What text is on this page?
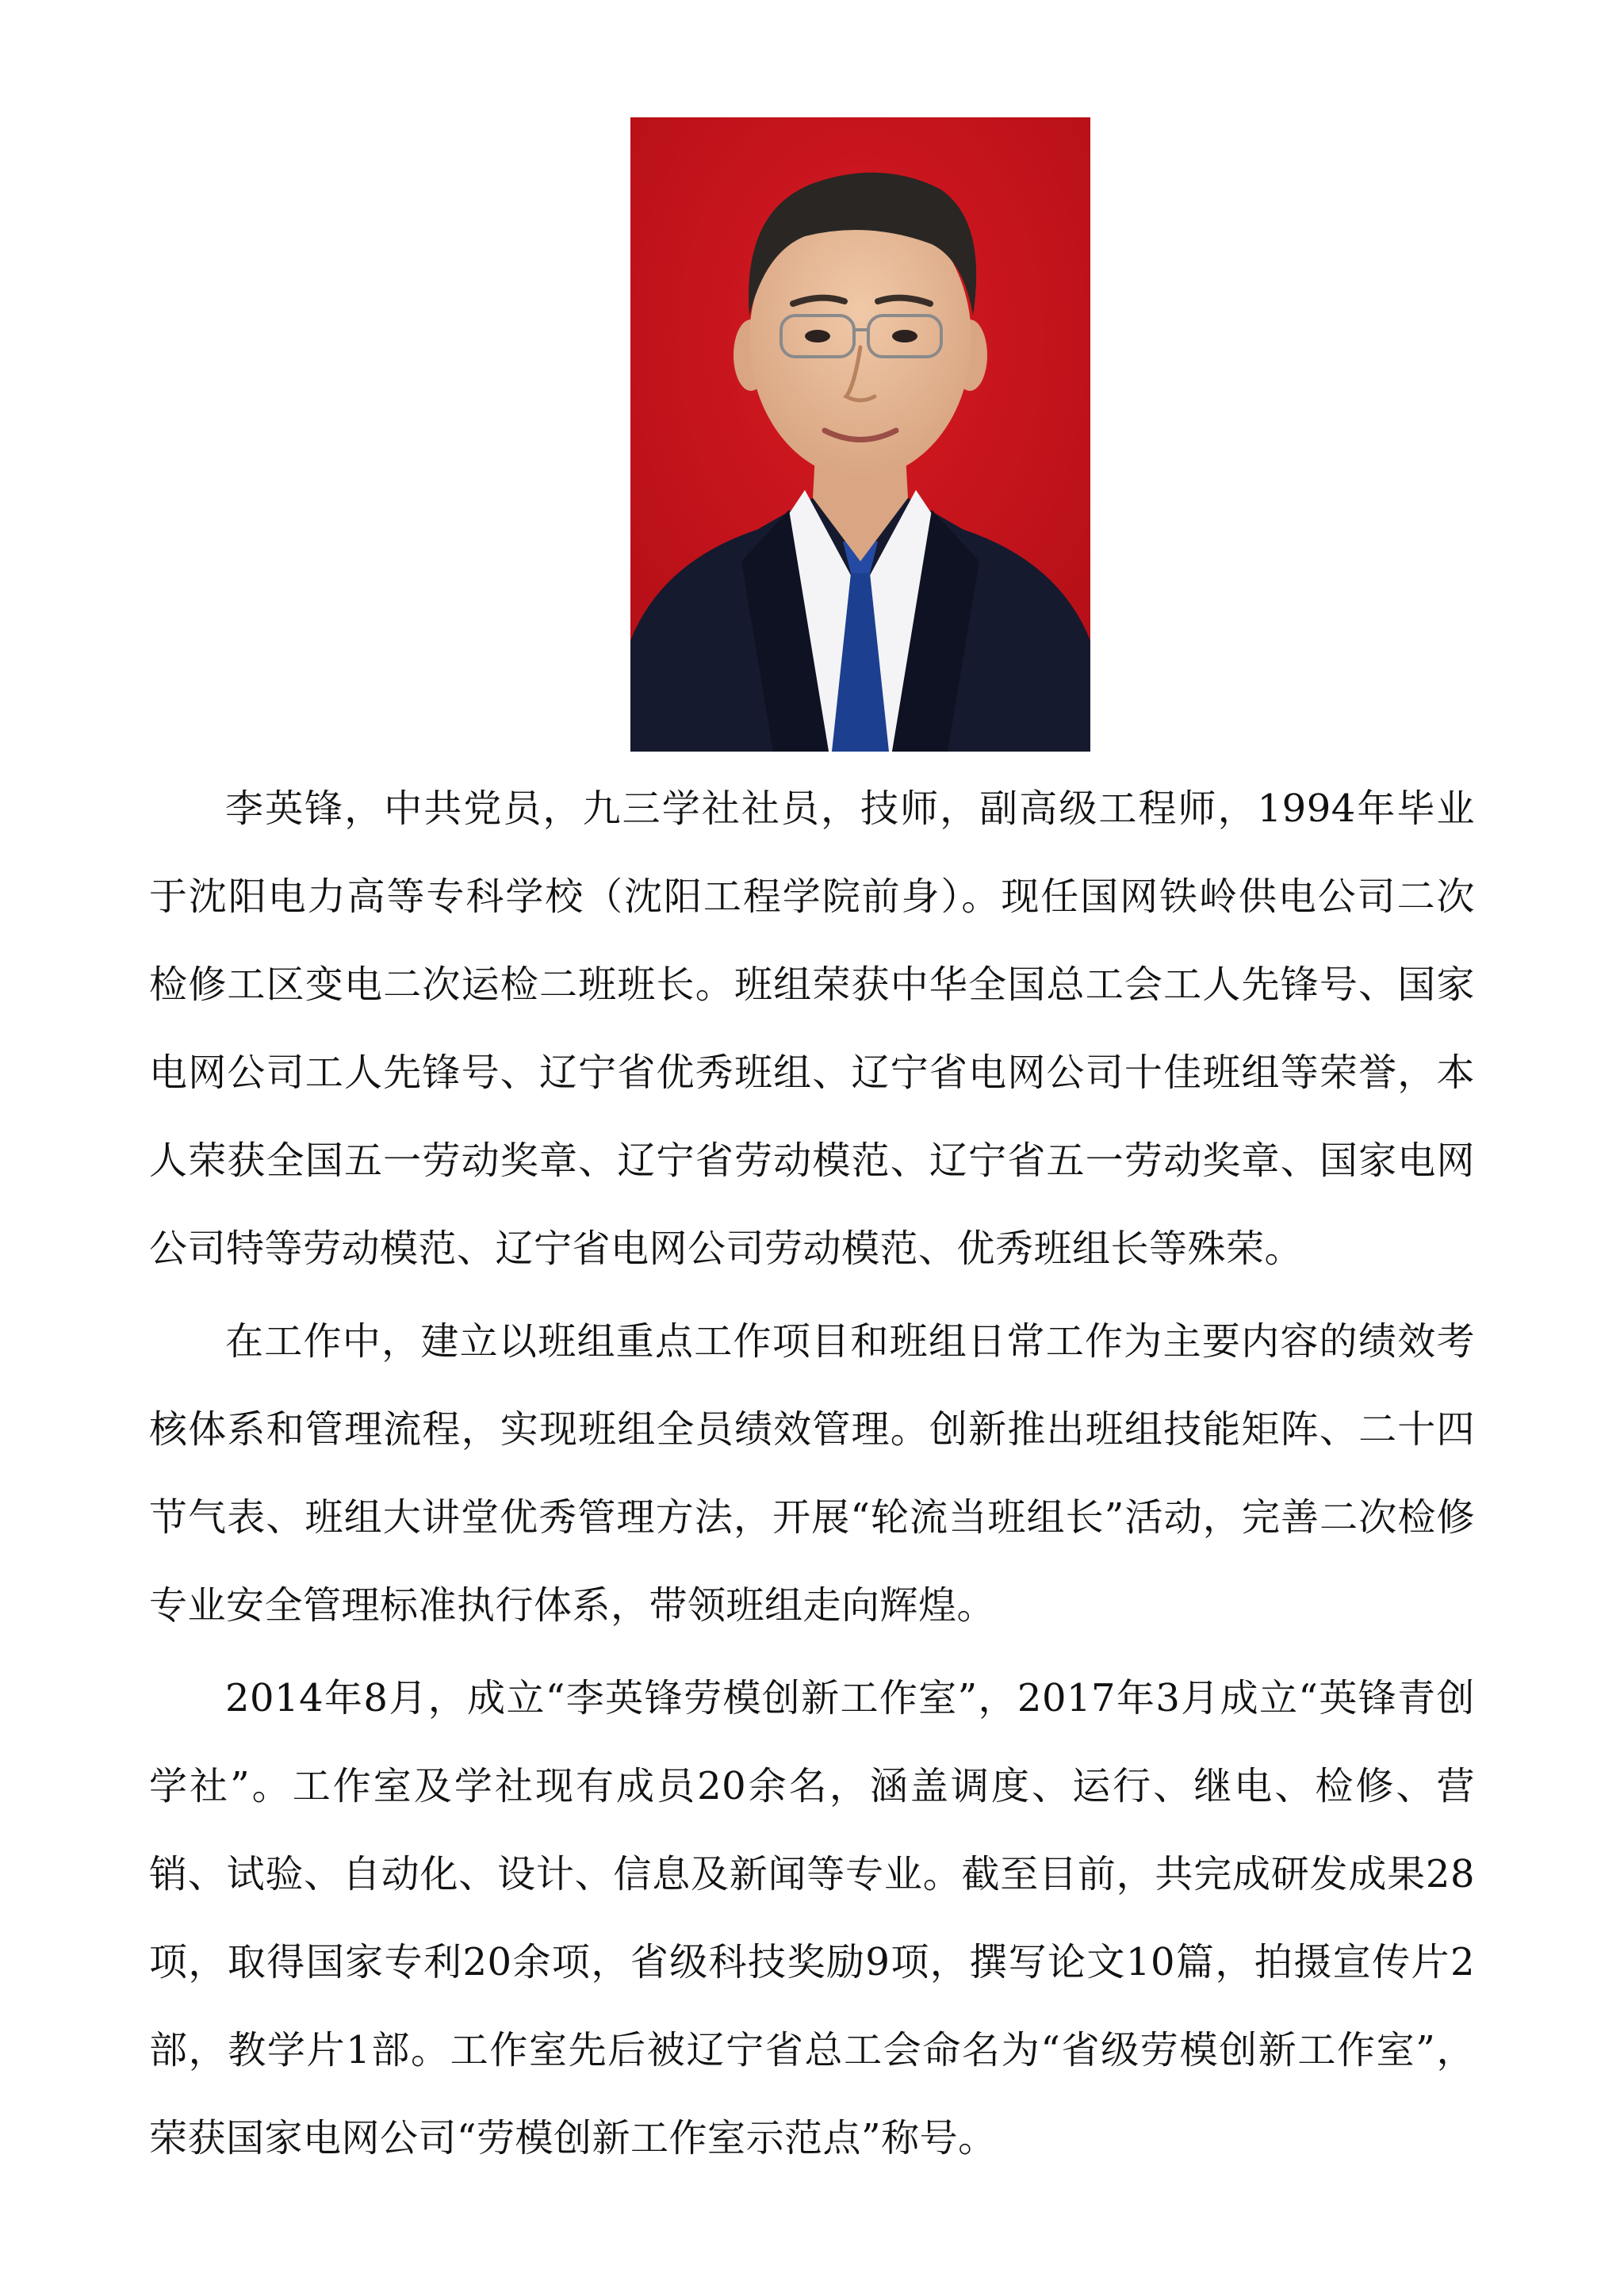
李英锋，中共党员，九三学社社员，技师，副高级工程师，1994年毕业于沈阳电力高等专科学校（沈阳工程学院前身）。现任国网铁岭供电公司二次检修工区变电二次运检二班班长。班组荣获中华全国总工会工人先锋号、国家电网公司工人先锋号、辽宁省优秀班组、辽宁省电网公司十佳班组等荣誉，本人荣获全国五一劳动奖章、辽宁省劳动模范、辽宁省五一劳动奖章、国家电网公司特等劳动模范、辽宁省电网公司劳动模范、优秀班组长等殊荣。

在工作中，建立以班组重点工作项目和班组日常工作为主要内容的绩效考核体系和管理流程，实现班组全员绩效管理。创新推出班组技能矩阵、二十四节气表、班组大讲堂优秀管理方法，开展“轮流当班组长”活动，完善二次检修专业安全管理标准执行体系，带领班组走向辉煌。

2014年8月，成立“李英锋劳模创新工作室”，2017年3月成立“英锋青创学社”。工作室及学社现有成员20余名，涵盖调度、运行、继电、检修、营销、试验、自动化、设计、信息及新闻等专业。截至目前，共完成研发成果28项，取得国家专利20余项，省级科技奖励9项，撰写论文10篇，拍摄宣传片2部，教学片1部。工作室先后被辽宁省总工会命名为“省级劳模创新工作室”，荣获国家电网公司“劳模创新工作室示范点”称号。
